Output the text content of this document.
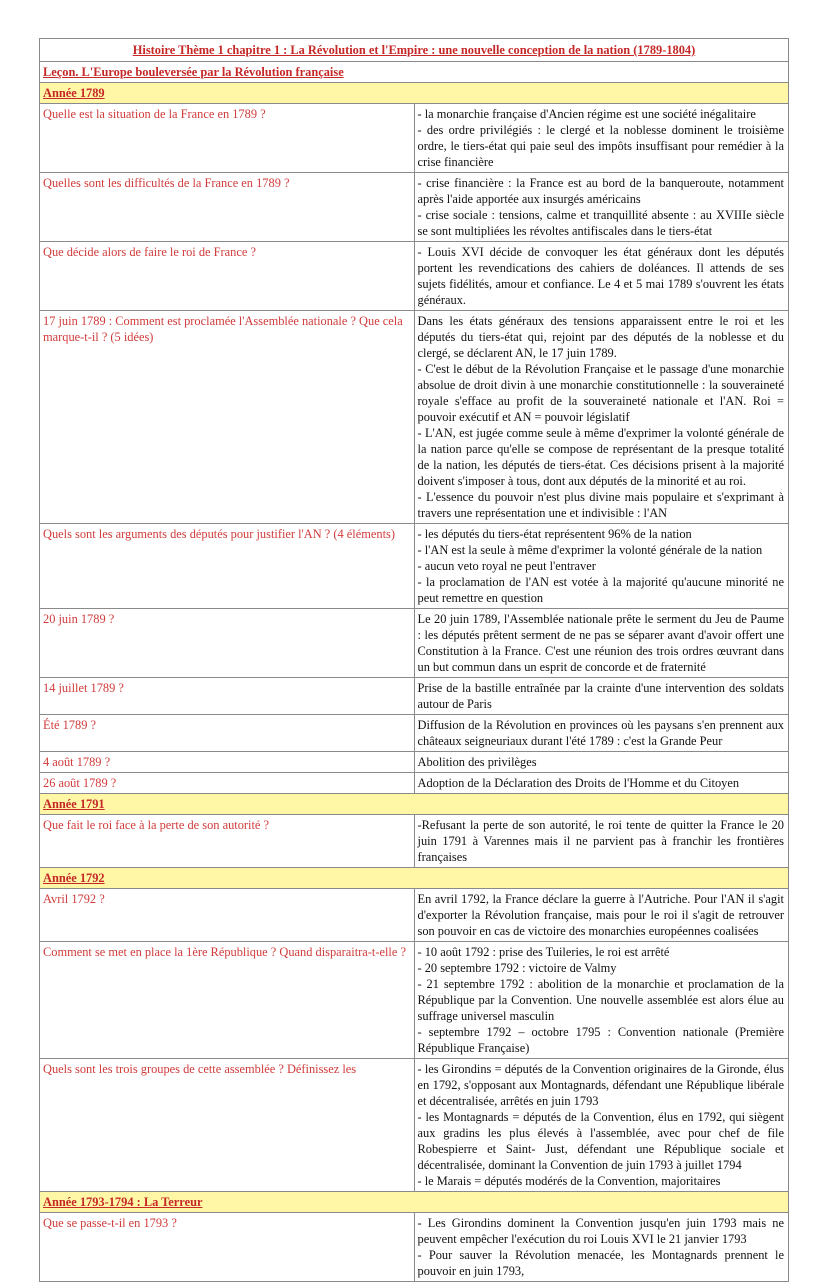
Histoire Thème 1 chapitre 1 : La Révolution et l'Empire : une nouvelle conception de la nation (1789-1804)	
Leçon. L'Europe bouleversée par la Révolution française	
Année 1789	
Quelle est la situation de la France en 1789 ?	- la monarchie française d'Ancien régime est une société inégalitaire
- des ordre privilégiés : le clergé et la noblesse dominent le troisième ordre, le tiers-état qui paie seul des impôts insuffisant pour remédier à la crise financière

Quelles sont les difficultés de la France en 1789 ?	- crise financière : la France est au bord de la banqueroute, notamment après l'aide apportée aux insurgés américains
- crise sociale : tensions, calme et tranquillité absente : au XVIIIe siècle se sont multipliées les révoltes antifiscales dans le tiers-état

Que décide alors de faire le roi de France ?	- Louis XVI décide de convoquer les état généraux dont les députés portent les revendications des cahiers de doléances. Il attends de ses sujets fidélités, amour et confiance. Le 4 et 5 mai 1789 s'ouvrent les états généraux.

17 juin 1789 : Comment est proclamée l'Assemblée nationale ? Que cela marque-t-il ? (5 idées)	Dans les états généraux des tensions apparaissent entre le roi et les députés du tiers-état qui, rejoint par des députés de la noblesse et du clergé, se déclarent AN, le 17 juin 1789.
- C'est le début de la Révolution Française et le passage d'une monarchie absolue de droit divin à une monarchie constitutionnelle : la souveraineté royale s'efface au profit de la souveraineté nationale et l'AN. Roi = pouvoir exécutif et AN = pouvoir législatif
- L'AN, est jugée comme seule à même d'exprimer la volonté générale de la nation parce qu'elle se compose de représentant de la presque totalité de la nation, les députés de tiers-état. Ces décisions prisent à la majorité doivent s'imposer à tous, dont aux députés de la minorité et au roi.
- L'essence du pouvoir n'est plus divine mais populaire et s'exprimant à travers une représentation une et indivisible : l'AN

Quels sont les arguments des députés pour justifier l'AN ? (4 éléments)	- les députés du tiers-état représentent 96% de la nation
- l'AN est la seule à même d'exprimer la volonté générale de la nation
- aucun veto royal ne peut l'entraver
- la proclamation de l'AN est votée à la majorité qu'aucune minorité ne peut remettre en question

20 juin 1789 ?	Le 20 juin 1789, l'Assemblée nationale prête le serment du Jeu de Paume : les députés prêtent serment de ne pas se séparer avant d'avoir offert une Constitution à la France. C'est une réunion des trois ordres œuvrant dans un but commun dans un esprit de concorde et de fraternité

14 juillet 1789 ?	Prise de la bastille entraînée par la crainte d'une intervention des soldats autour de Paris

Été 1789 ?	Diffusion de la Révolution en provinces où les paysans s'en prennent aux châteaux seigneuriaux durant l'été 1789 : c'est la Grande Peur

4 août 1789 ?	Abolition des privilèges

26 août 1789 ?	Adoption de la Déclaration des Droits de l'Homme et du Citoyen

Année 1791	
Que fait le roi face à la perte de son autorité ?	-Refusant la perte de son autorité, le roi tente de quitter la France le 20 juin 1791 à Varennes mais il ne parvient pas à franchir les frontières françaises

Année 1792	
Avril 1792 ?	En avril 1792, la France déclare la guerre à l'Autriche. Pour l'AN il s'agit d'exporter la Révolution française, mais pour le roi il s'agit de retrouver son pouvoir en cas de victoire des monarchies européennes coalisées

Comment se met en place la 1ère République ? Quand disparaitra-t-elle ?	- 10 août 1792 : prise des Tuileries, le roi est arrêté
- 20 septembre 1792 : victoire de Valmy
- 21 septembre 1792 : abolition de la monarchie et proclamation de la République par la Convention. Une nouvelle assemblée est alors élue au suffrage universel masculin
- septembre 1792 – octobre 1795 : Convention nationale (Première République Française)

Quels sont les trois groupes de cette assemblée ? Définissez les	- les Girondins = députés de la Convention originaires de la Gironde, élus en 1792, s'opposant aux Montagnards, défendant une République libérale et décentralisée, arrêtés en juin 1793
- les Montagnards = députés de la Convention, élus en 1792, qui siègent aux gradins les plus élevés à l'assemblée, avec pour chef de file Robespierre et Saint- Just, défendant une République sociale et décentralisée, dominant la Convention de juin 1793 à juillet 1794
- le Marais = députés modérés de la Convention, majoritaires

Année 1793-1794 : La Terreur	
Que se passe-t-il en 1793 ?	- Les Girondins dominent la Convention jusqu'en juin 1793 mais ne peuvent empêcher l'exécution du roi Louis XVI le 21 janvier 1793
- Pour sauver la Révolution menacée, les Montagnards prennent le pouvoir en juin 1793,
